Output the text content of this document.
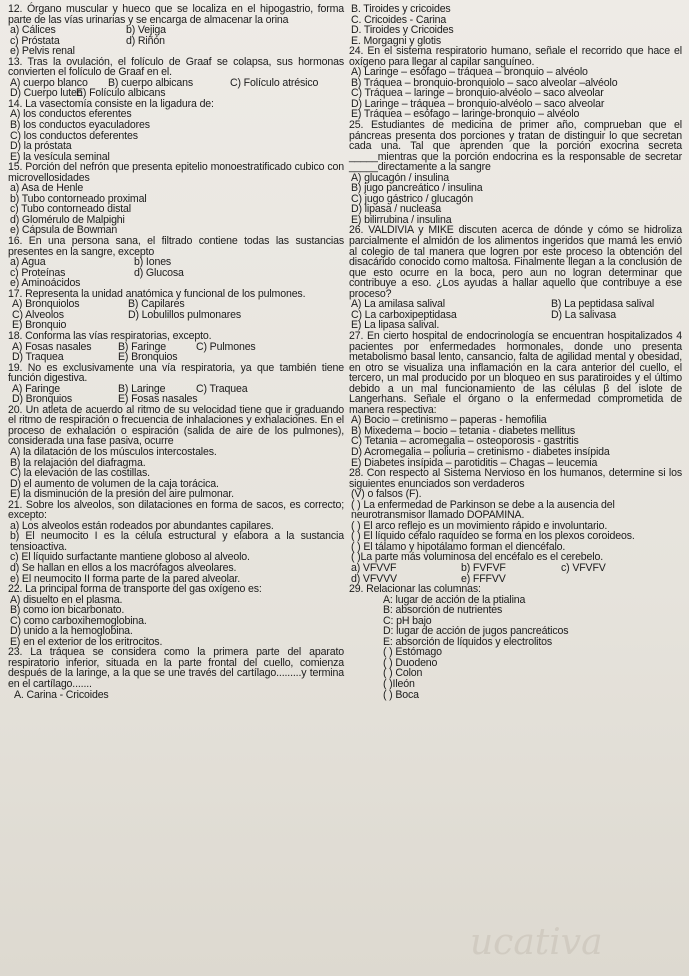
12. Órgano muscular y hueco que se localiza en el hipogastrio, forma parte de las vías urinarias y se encarga de almacenar la orina
a) Cálices	b) Vejiga
c) Próstata	d) Riñón
e) Pelvis renal
13. Tras la ovulación, el folículo de Graaf se colapsa, sus hormonas convierten el folículo de Graaf en el.
A) cuerpo blanco	B) cuerpo albicans	C) Folículo atrésico
D) Cuerpo luteo
E) Folículo albicans
14. La vasectomía consiste en la ligadura de:
A) los conductos eferentes
B) los conductos eyaculadores
C) los conductos deferentes
D) la próstata
E) la vesícula seminal
15. Porción del nefrón que presenta epitelio monoestratificado cubico con microvellosidades
a) Asa de Henle
b) Tubo contorneado proximal
c) Tubo contorneado distal
d) Glomérulo de Malpighi
e) Cápsula de Bowman
16. En una persona sana, el filtrado contiene todas las sustancias presentes en la sangre, excepto
a) Agua	b) Iones
c) Proteínas	d) Glucosa
e) Aminoácidos
17. Representa la unidad anatómica y funcional de los pulmones.
A) Bronquiolos	B) Capilares
C) Alveolos	D) Lobulillos pulmonares
E) Bronquio
18. Conforma las vías respiratorias, excepto.
A) Fosas nasales	B) Faringe	C) Pulmones
D) Traquea	E) Bronquios
19. No es exclusivamente una vía respiratoria, ya que también tiene función digestiva.
A) Faringe	B) Laringe	C) Traquea
D) Bronquios	E) Fosas nasales
20. Un atleta de acuerdo al ritmo de su velocidad tiene que ir graduando el ritmo de respiración o frecuencia de inhalaciones y exhalaciones. En el proceso de exhalación o espiración (salida de aire de los pulmones), considerada una fase pasiva, ocurre
A) la dilatación de los músculos intercostales.
B) la relajación del diafragma.
C) la elevación de las costillas.
D) el aumento de volumen de la caja torácica.
E) la disminución de la presión del aire pulmonar.
21. Sobre los alveolos, son dilataciones en forma de sacos, es correcto; excepto:
a) Los alveolos están rodeados por abundantes capilares.
b) El neumocito I es la célula estructural y elabora a la sustancia tensioactiva.
c) El líquido surfactante mantiene globoso al alveolo.
d) Se hallan en ellos a los macrófagos alveolares.
e) El neumocito II forma parte de la pared alveolar.
22. La principal forma de transporte del gas oxígeno es:
A) disuelto en el plasma.
B) como ion bicarbonato.
C) como carboxihemoglobina.
D) unido a la hemoglobina.
E) en el exterior de los eritrocitos.
23. La tráquea se considera como la primera parte del aparato respiratorio inferior, situada en la parte frontal del cuello, comienza después de la laringe, a la que se une través del cartílago.........y termina en el cartílago.......
A. Carina - Cricoides
B. Tiroides y cricoides
C. Cricoides - Carina
D. Tiroides y Cricoides
E. Morgagni y glotis
24. En el sistema respiratorio humano, señale el recorrido que hace el oxígeno para llegar al capilar sanguíneo.
A) Laringe – esófago – tráquea – bronquio – alvéolo
B) Tráquea – bronquio-bronquiolo – saco alveolar –alvéolo
C) Tráquea – laringe – bronquio-alvéolo – saco alveolar
D) Laringe – tráquea – bronquio-alvéolo – saco alveolar
E) Tráquea – esófago – laringe-bronquio – alvéolo
25. Estudiantes de medicina de primer año, comprueban que el páncreas presenta dos porciones y tratan de distinguir lo que secretan cada una. Tal que aprenden que la porción exocrina secreta _____mientras que la porción endocrina es la responsable de secretar _____directamente a la sangre
A) glucagón / insulina
B) jugo pancreático / insulina
C) jugo gástrico / glucagón
D) lipasa / nucleasa
E) bilirrubina / insulina
26. VALDIVIA y MIKE discuten acerca de dónde y cómo se hidroliza parcialmente el almidón de los alimentos ingeridos que mamá les envió al colegio de tal manera que logren por este proceso la obtención del disacárido conocido como maltosa. Finalmente llegan a la conclusión de que esto ocurre en la boca, pero aun no logran determinar que contribuye a eso. ¿Los ayudas a hallar aquello que contribuye a ese proceso?
A) La amilasa salival	B) La peptidasa salival
C) La carboxipeptidasa	D) La salivasa
E) La lipasa salival.
27. En cierto hospital de endocrinología se encuentran hospitalizados 4 pacientes por enfermedades hormonales, donde uno presenta metabolismo basal lento, cansancio, falta de agilidad mental y obesidad, en otro se visualiza una inflamación en la cara anterior del cuello, el tercero, un mal producido por un bloqueo en sus paratiroides y el último debido a un mal funcionamiento de las células β del islote de Langerhans. Señale el órgano o la enfermedad comprometida de manera respectiva:
A) Bocio – cretinismo – paperas - hemofilia
B) Mixedema – bocio – tetania - diabetes mellitus
C) Tetania – acromegalia – osteoporosis - gastritis
D) Acromegalia – poliuria – cretinismo - diabetes insípida
E) Diabetes insípida – parotiditis – Chagas – leucemia
28. Con respecto al Sistema Nervioso en los humanos, determine si los siguientes enunciados son verdaderos
(V) o falsos (F).
( ) La enfermedad de Parkinson se debe a la ausencia del neurotransmisor llamado DOPAMINA.
( ) El arco reflejo es un movimiento rápido e involuntario.
( ) El líquido céfalo raquídeo se forma en los plexos coroideos.
( ) El tálamo y hipotálamo forman el diencéfalo.
( )La parte más voluminosa del encéfalo es el cerebelo.
a) VFVVF	b) FVFVF	c) VFVFV
d) VFVVV	e) FFFVV
29. Relacionar las columnas:
A: lugar de acción de la ptialina
B: absorción de nutrientes
C: pH bajo
D: lugar de acción de jugos pancreáticos
E: absorción de líquidos y electrolitos
( ) Estómago
( ) Duodeno
( ) Colon
( )Ileón
( ) Boca
ucativa
